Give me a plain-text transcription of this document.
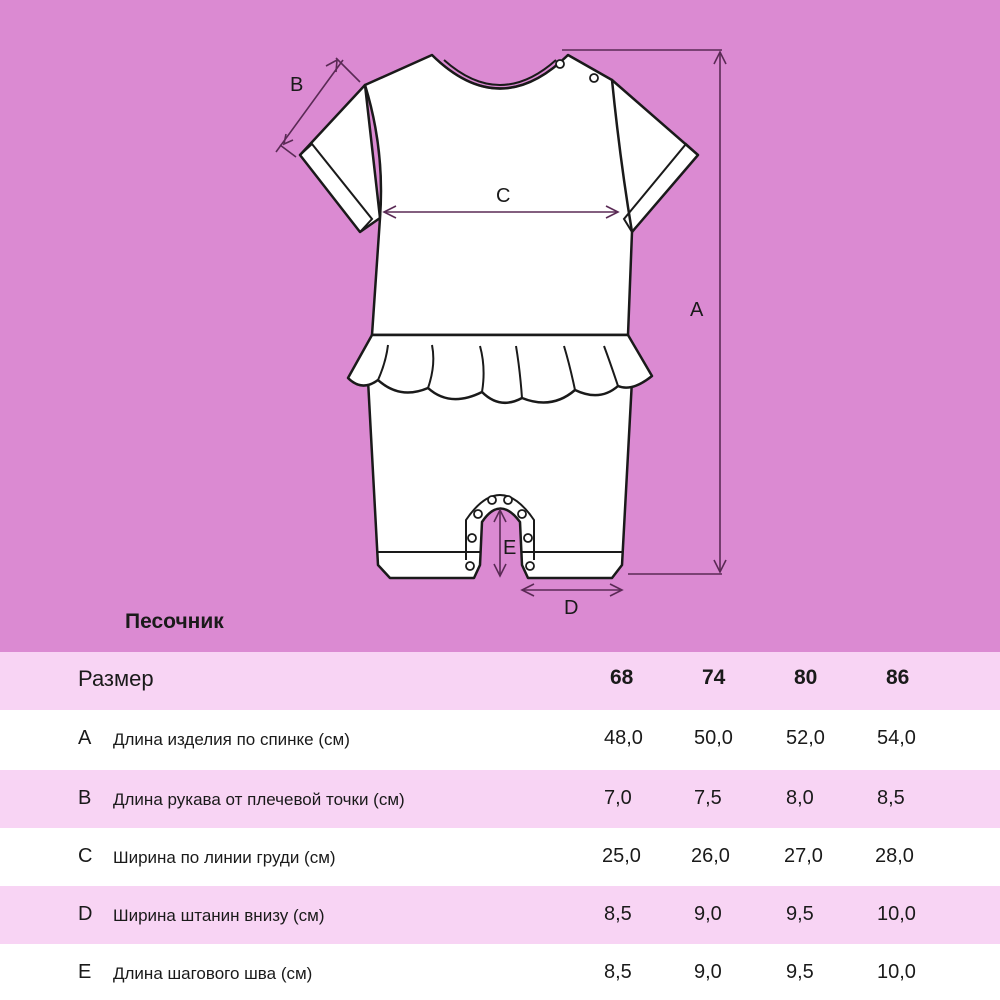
A
B
C
D
E
Песочник
Размер	68	74	80	86
A Длина изделия по спинке (см)	48,0	50,0	52,0	54,0
B Длина рукава от плечевой точки (см)	7,0	7,5	8,0	8,5
C Ширина по линии груди (см)	25,0	26,0	27,0	28,0
D Ширина штанин внизу (см)	8,5	9,0	9,5	10,0
E Длина шагового шва (см)	8,5	9,0	9,5	10,0
